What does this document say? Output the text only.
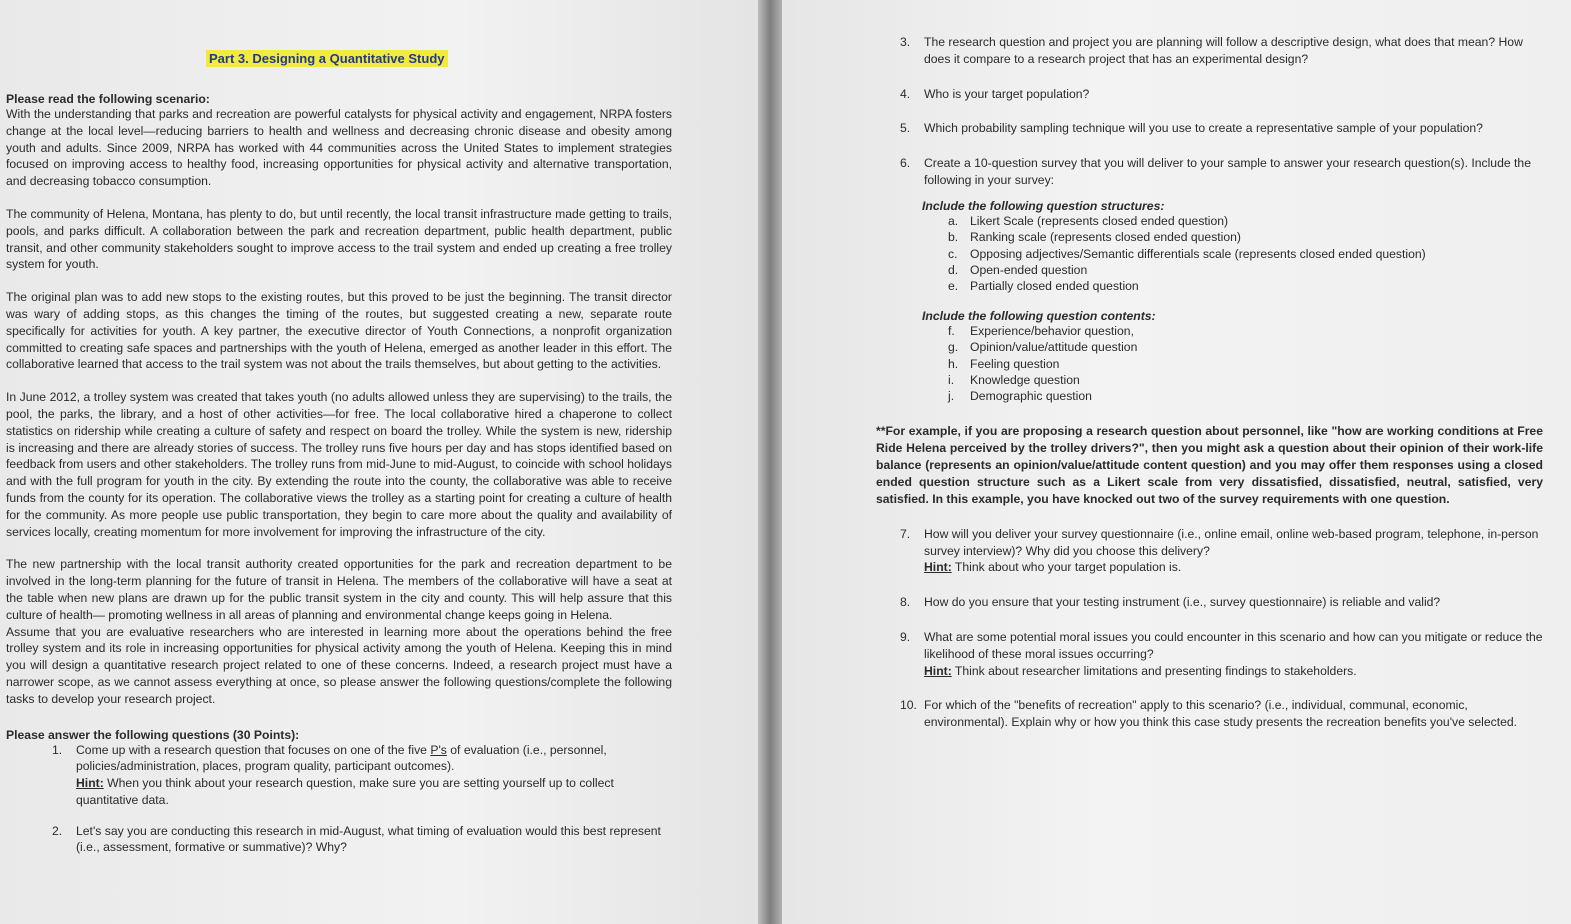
Part 3. Designing a Quantitative Study
Please read the following scenario:

With the understanding that parks and recreation are powerful catalysts for physical activity and engagement, NRPA fosters change at the local level—reducing barriers to health and wellness and decreasing chronic disease and obesity among youth and adults. Since 2009, NRPA has worked with 44 communities across the United States to implement strategies focused on improving access to healthy food, increasing opportunities for physical activity and alternative transportation, and decreasing tobacco consumption.

The community of Helena, Montana, has plenty to do, but until recently, the local transit infrastructure made getting to trails, pools, and parks difficult. A collaboration between the park and recreation department, public health department, public transit, and other community stakeholders sought to improve access to the trail system and ended up creating a free trolley system for youth.

The original plan was to add new stops to the existing routes, but this proved to be just the beginning. The transit director was wary of adding stops, as this changes the timing of the routes, but suggested creating a new, separate route specifically for activities for youth. A key partner, the executive director of Youth Connections, a nonprofit organization committed to creating safe spaces and partnerships with the youth of Helena, emerged as another leader in this effort. The collaborative learned that access to the trail system was not about the trails themselves, but about getting to the activities.

In June 2012, a trolley system was created that takes youth (no adults allowed unless they are supervising) to the trails, the pool, the parks, the library, and a host of other activities—for free. The local collaborative hired a chaperone to collect statistics on ridership while creating a culture of safety and respect on board the trolley. While the system is new, ridership is increasing and there are already stories of success. The trolley runs five hours per day and has stops identified based on feedback from users and other stakeholders. The trolley runs from mid-June to mid-August, to coincide with school holidays and with the full program for youth in the city. By extending the route into the county, the collaborative was able to receive funds from the county for its operation. The collaborative views the trolley as a starting point for creating a culture of health for the community. As more people use public transportation, they begin to care more about the quality and availability of services locally, creating momentum for more involvement for improving the infrastructure of the city.

The new partnership with the local transit authority created opportunities for the park and recreation department to be involved in the long-term planning for the future of transit in Helena. The members of the collaborative will have a seat at the table when new plans are drawn up for the public transit system in the city and county. This will help assure that this culture of health— promoting wellness in all areas of planning and environmental change keeps going in Helena.

Assume that you are evaluative researchers who are interested in learning more about the operations behind the free trolley system and its role in increasing opportunities for physical activity among the youth of Helena. Keeping this in mind you will design a quantitative research project related to one of these concerns. Indeed, a research project must have a narrower scope, as we cannot assess everything at once, so please answer the following questions/complete the following tasks to develop your research project.

Please answer the following questions (30 Points):
1.	Come up with a research question that focuses on one of the five P's of evaluation (i.e., personnel, policies/administration, places, program quality, participant outcomes).
Hint: When you think about your research question, make sure you are setting yourself up to collect quantitative data.
2.	Let's say you are conducting this research in mid-August, what timing of evaluation would this best represent (i.e., assessment, formative or summative)? Why?
3.	The research question and project you are planning will follow a descriptive design, what does that mean? How does it compare to a research project that has an experimental design?
4.	Who is your target population?
5.	Which probability sampling technique will you use to create a representative sample of your population?
6.	Create a 10-question survey that you will deliver to your sample to answer your research question(s). Include the following in your survey:
Include the following question structures:
a. Likert Scale (represents closed ended question)
b. Ranking scale (represents closed ended question)
c.	Opposing adjectives/Semantic differentials scale (represents closed ended question)
d. Open-ended question
e. Partially closed ended question
Include the following question contents:
f.	Experience/behavior question,
g. Opinion/value/attitude question
h. Feeling question
i.	Knowledge question
j.	Demographic question
**For example, if you are proposing a research question about personnel, like "how are working conditions at Free Ride Helena perceived by the trolley drivers?", then you might ask a question about their opinion of their work-life balance (represents an opinion/value/attitude content question) and you may offer them responses using a closed ended question structure such as a Likert scale from very dissatisfied, dissatisfied, neutral, satisfied, very satisfied. In this example, you have knocked out two of the survey requirements with one question.
7.	How will you deliver your survey questionnaire (i.e., online email, online web-based program, telephone, in-person survey interview)? Why did you choose this delivery?
Hint: Think about who your target population is.
8.	How do you ensure that your testing instrument (i.e., survey questionnaire) is reliable and valid?
9.	What are some potential moral issues you could encounter in this scenario and how can you mitigate or reduce the likelihood of these moral issues occurring?
Hint: Think about researcher limitations and presenting findings to stakeholders.
10. For which of the "benefits of recreation" apply to this scenario? (i.e., individual, communal, economic, environmental). Explain why or how you think this case study presents the recreation benefits you've selected.
